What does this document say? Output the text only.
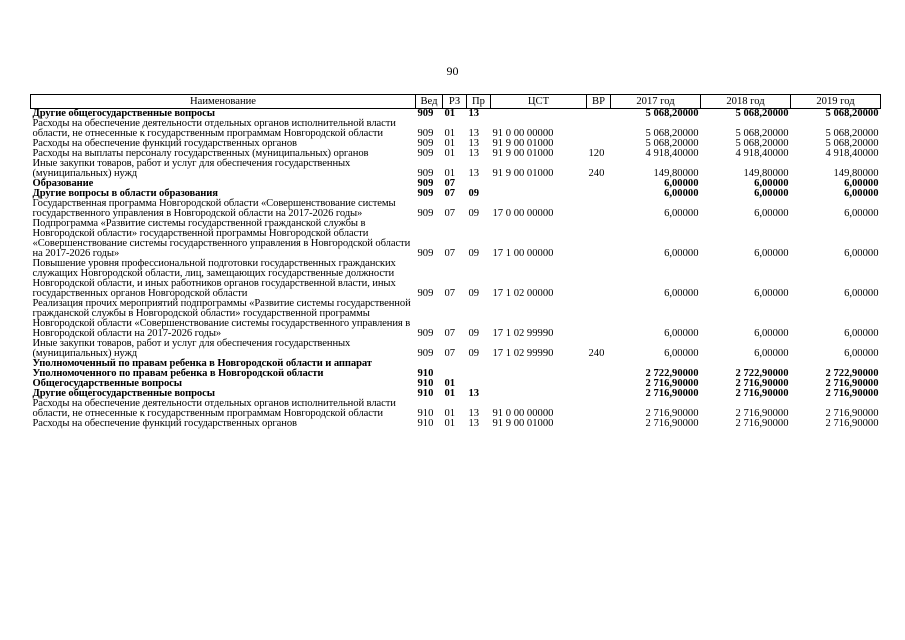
90
Наименование	Вед	РЗ	Пр	ЦСТ	ВР	2017 год	2018 год	2019 год
Другие общегосударственные вопросы	909	01	13			5 068,20000	5 068,20000	5 068,20000
Расходы на обеспечение деятельности отдельных органов исполнительной власти области, не отнесенные к государственным программам Новгородской области	909	01	13	91 0 00 00000		5 068,20000	5 068,20000	5 068,20000
Расходы на обеспечение функций государственных органов	909	01	13	91 9 00 01000		5 068,20000	5 068,20000	5 068,20000
Расходы на выплаты персоналу государственных (муниципальных) органов	909	01	13	91 9 00 01000	120	4 918,40000	4 918,40000	4 918,40000
Иные закупки товаров, работ и услуг для обеспечения государственных (муниципальных) нужд	909	01	13	91 9 00 01000	240	149,80000	149,80000	149,80000
Образование	909	07				6,00000	6,00000	6,00000
Другие вопросы в области образования	909	07	09			6,00000	6,00000	6,00000
Государственная программа Новгородской области «Совершенствование системы государственного управления в Новгородской области на 2017-2026 годы»	909	07	09	17 0 00 00000		6,00000	6,00000	6,00000
Подпрограмма «Развитие системы государственной гражданской службы в Новгородской области» государственной программы Новгородской области «Совершенствование системы государственного управления в Новгородской области на 2017-2026 годы»	909	07	09	17 1 00 00000		6,00000	6,00000	6,00000
Повышение уровня профессиональной подготовки государственных гражданских служащих Новгородской области, лиц, замещающих государственные должности Новгородской области, и иных работников органов государственной власти, иных государственных органов Новгородской области	909	07	09	17 1 02 00000		6,00000	6,00000	6,00000
Реализация прочих мероприятий подпрограммы «Развитие системы государственной гражданской службы в Новгородской области» государственной программы Новгородской области «Совершенствование системы государственного управления в Новгородской области на 2017-2026 годы»	909	07	09	17 1 02 99990		6,00000	6,00000	6,00000
Иные закупки товаров, работ и услуг для обеспечения государственных (муниципальных) нужд	909	07	09	17 1 02 99990	240	6,00000	6,00000	6,00000
Уполномоченный по правам ребенка в Новгородской области и аппарат Уполномоченного по правам ребенка в Новгородской области	910					2 722,90000	2 722,90000	2 722,90000
Общегосударственные вопросы	910	01				2 716,90000	2 716,90000	2 716,90000
Другие общегосударственные вопросы	910	01	13			2 716,90000	2 716,90000	2 716,90000
Расходы на обеспечение деятельности отдельных органов исполнительной власти области, не отнесенные к государственным программам Новгородской области	910	01	13	91 0 00 00000		2 716,90000	2 716,90000	2 716,90000
Расходы на обеспечение функций государственных органов	910	01	13	91 9 00 01000		2 716,90000	2 716,90000	2 716,90000
